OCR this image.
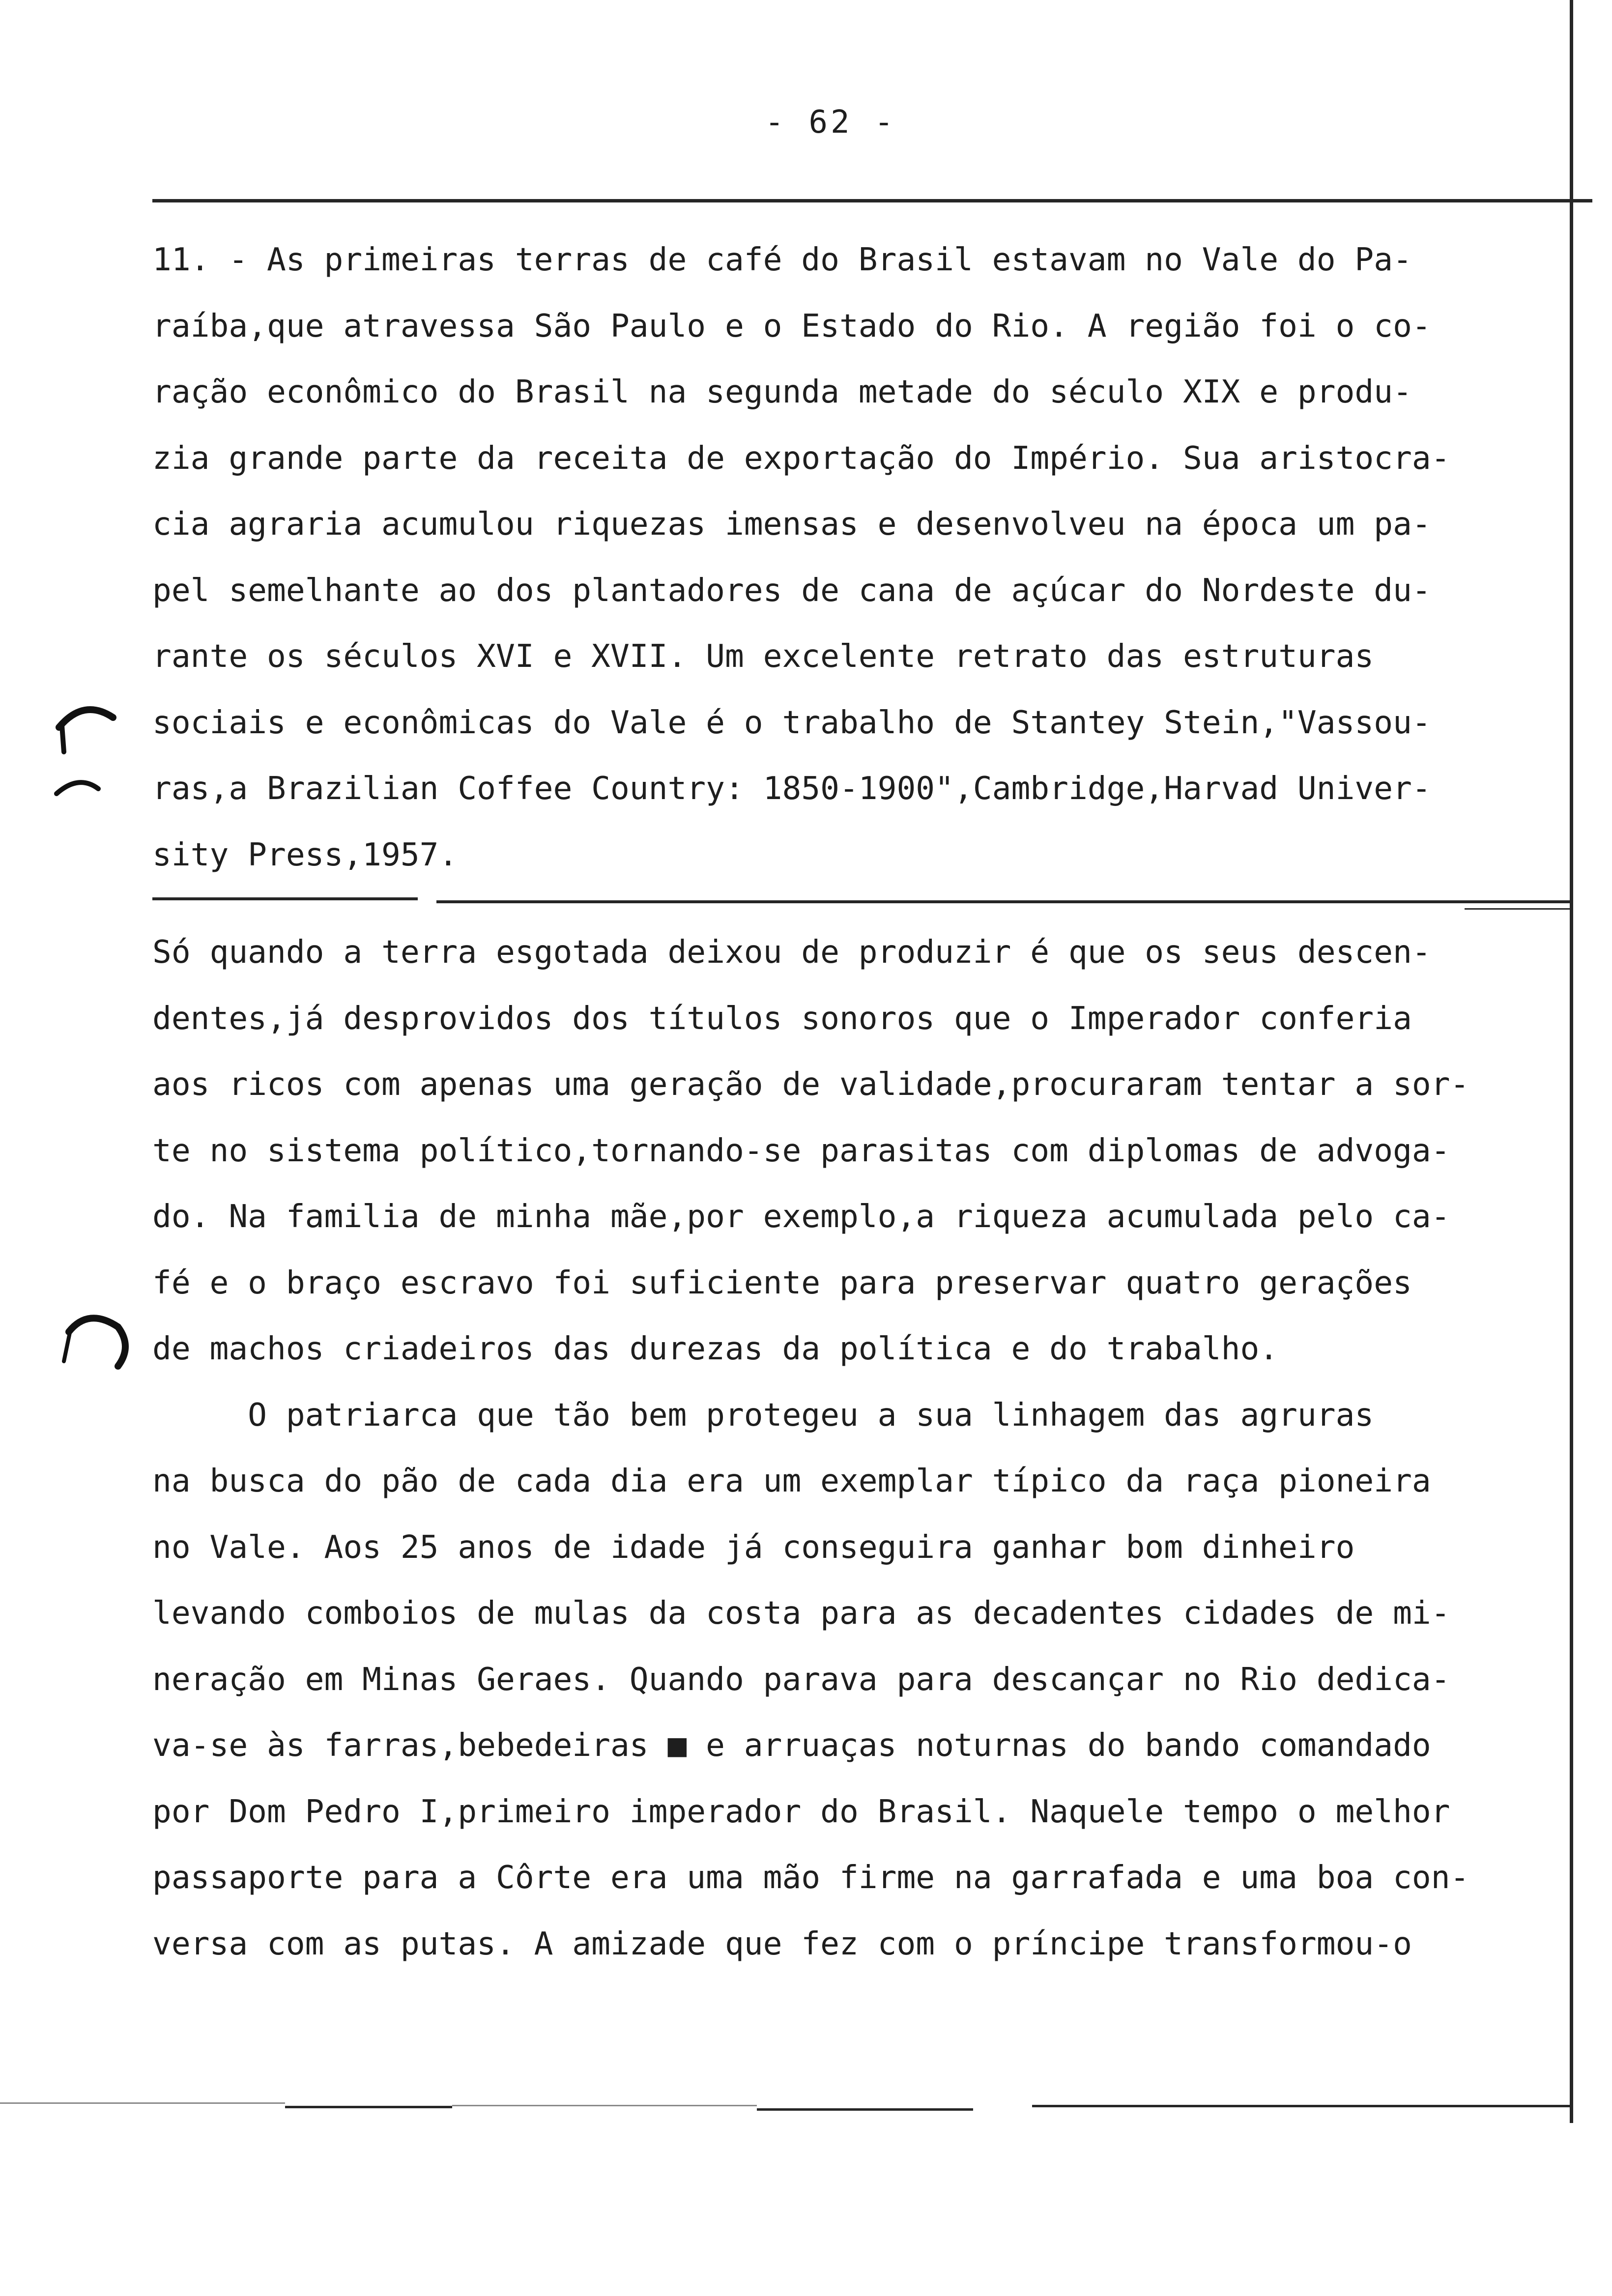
- 62 -
11. - As primeiras terras de café do Brasil estavam no Vale do Pa-
raíba,que atravessa São Paulo e o Estado do Rio. A região foi o co-
ração econômico do Brasil na segunda metade do século XIX e produ-
zia grande parte da receita de exportação do Império. Sua aristocra-
cia agraria acumulou riquezas imensas e desenvolveu na época um pa-
pel semelhante ao dos plantadores de cana de açúcar do Nordeste du-
rante os séculos XVI e XVII. Um excelente retrato das estruturas
sociais e econômicas do Vale é o trabalho de Stantey Stein,"Vassou-
ras,a Brazilian Coffee Country: 1850-1900",Cambridge,Harvad Univer-
sity Press,1957.
Só quando a terra esgotada deixou de produzir é que os seus descen-
dentes,já desprovidos dos títulos sonoros que o Imperador conferia
aos ricos com apenas uma geração de validade,procuraram tentar a sor-
te no sistema político,tornando-se parasitas com diplomas de advoga-
do. Na familia de minha mãe,por exemplo,a riqueza acumulada pelo ca-
fé e o braço escravo foi suficiente para preservar quatro gerações
de machos criadeiros das durezas da política e do trabalho.
O patriarca que tão bem protegeu a sua linhagem das agruras
na busca do pão de cada dia era um exemplar típico da raça pioneira
no Vale. Aos 25 anos de idade já conseguira ganhar bom dinheiro
levando comboios de mulas da costa para as decadentes cidades de mi-
neração em Minas Geraes. Quando parava para descançar no Rio dedica-
va-se às farras,bebedeiras ■ e arruaças noturnas do bando comandado
por Dom Pedro I,primeiro imperador do Brasil. Naquele tempo o melhor
passaporte para a Côrte era uma mão firme na garrafada e uma boa con-
versa com as putas. A amizade que fez com o príncipe transformou-o
